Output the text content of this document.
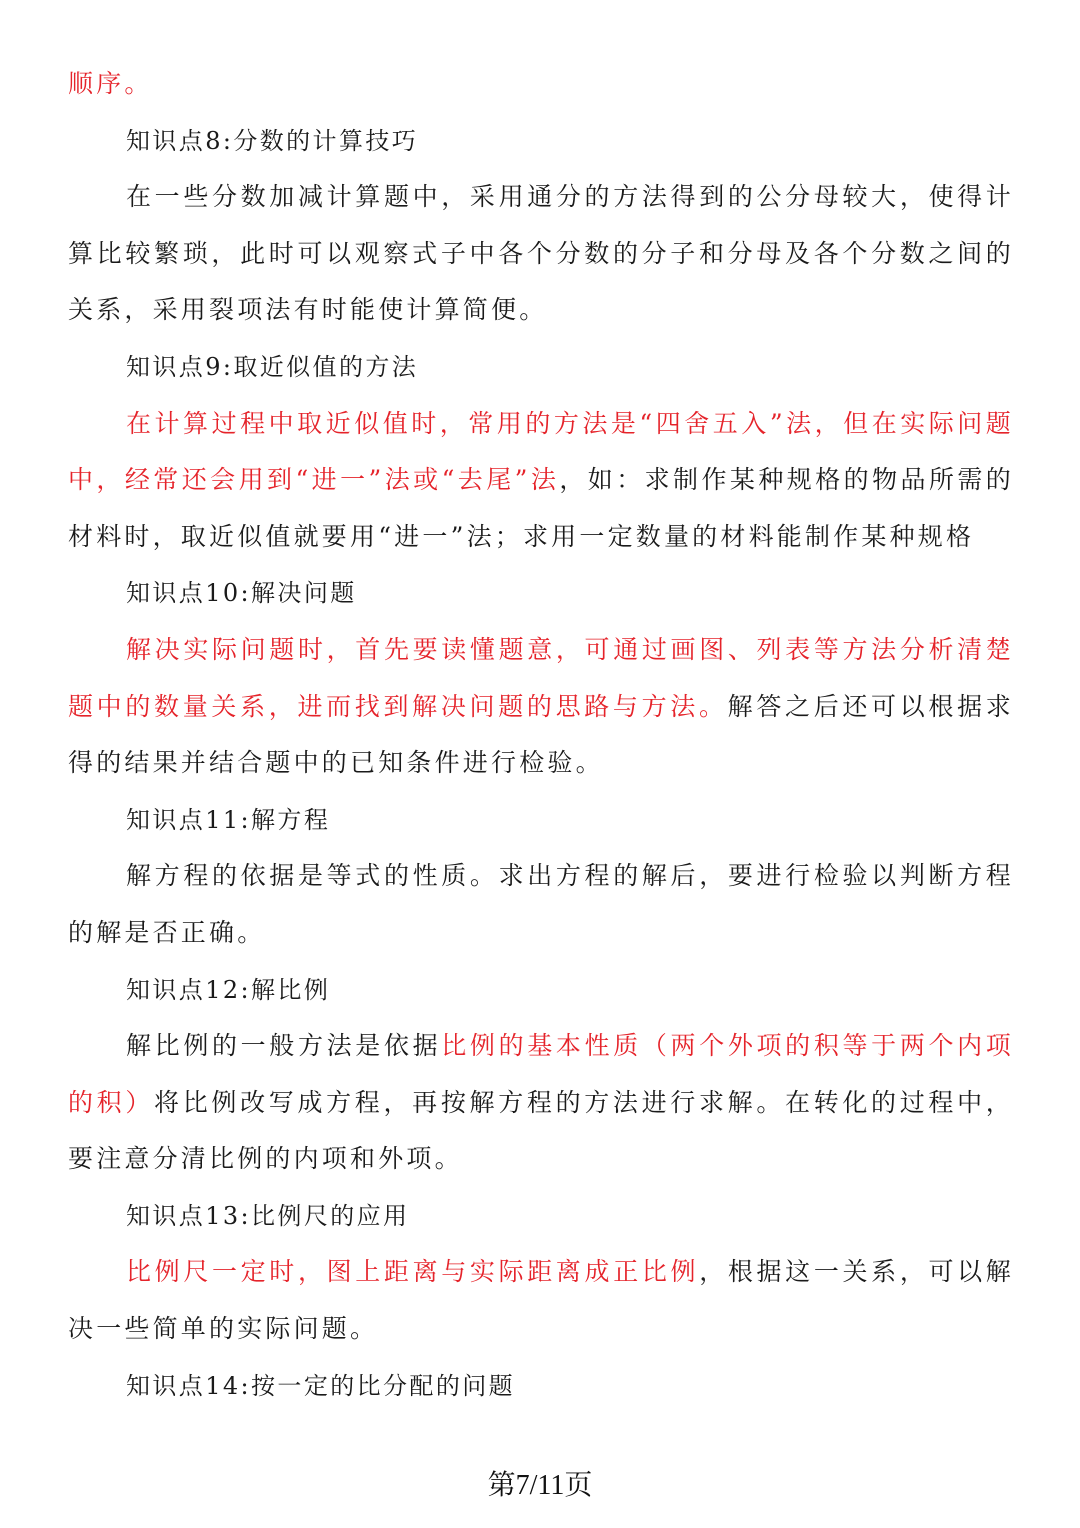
顺序。

知识点8:分数的计算技巧

在一些分数加减计算题中，采用通分的方法得到的公分母较大，使得计算比较繁琐，此时可以观察式子中各个分数的分子和分母及各个分数之间的关系，采用裂项法有时能使计算简便。

知识点9:取近似值的方法

在计算过程中取近似值时，常用的方法是“四舍五入”法，但在实际问题中，经常还会用到“进一”法或“去尾”法，如：求制作某种规格的物品所需的材料时，取近似值就要用“进一”法；求用一定数量的材料能制作某种规格

知识点10:解决问题

解决实际问题时，首先要读懂题意，可通过画图、列表等方法分析清楚题中的数量关系，进而找到解决问题的思路与方法。解答之后还可以根据求得的结果并结合题中的已知条件进行检验。

知识点11:解方程

解方程的依据是等式的性质。求出方程的解后，要进行检验以判断方程的解是否正确。

知识点12:解比例

解比例的一般方法是依据比例的基本性质（两个外项的积等于两个内项的积）将比例改写成方程，再按解方程的方法进行求解。在转化的过程中，要注意分清比例的内项和外项。

知识点13:比例尺的应用

比例尺一定时，图上距离与实际距离成正比例，根据这一关系，可以解决一些简单的实际问题。

知识点14:按一定的比分配的问题

第7/11页
